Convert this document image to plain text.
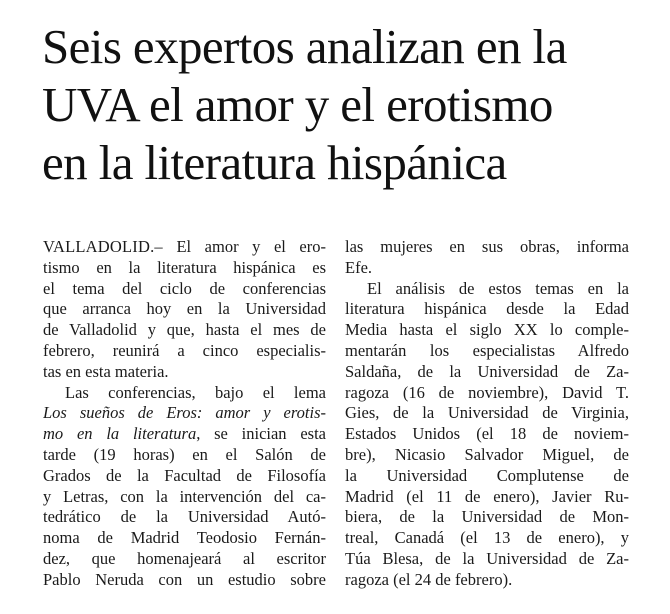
Seis expertos analizan en la
UVA el amor y el erotismo
en la literatura hispánica
VALLADOLID.– El amor y el ero-
tismo en la literatura hispánica es
el tema del ciclo de conferencias
que arranca hoy en la Universidad
de Valladolid y que, hasta el mes de
febrero, reunirá a cinco especialis-
tas en esta materia.
Las conferencias, bajo el lema
Los sueños de Eros: amor y erotis-
mo en la literatura, se inician esta
tarde (19 horas) en el Salón de
Grados de la Facultad de Filosofía
y Letras, con la intervención del ca-
tedrático de la Universidad Autó-
noma de Madrid Teodosio Fernán-
dez, que homenajeará al escritor
Pablo Neruda con un estudio sobre
las mujeres en sus obras, informa
Efe.
El análisis de estos temas en la
literatura hispánica desde la Edad
Media hasta el siglo XX lo comple-
mentarán los especialistas Alfredo
Saldaña, de la Universidad de Za-
ragoza (16 de noviembre), David T.
Gies, de la Universidad de Virginia,
Estados Unidos (el 18 de noviem-
bre), Nicasio Salvador Miguel, de
la Universidad Complutense de
Madrid (el 11 de enero), Javier Ru-
biera, de la Universidad de Mon-
treal, Canadá (el 13 de enero), y
Túa Blesa, de la Universidad de Za-
ragoza (el 24 de febrero).
